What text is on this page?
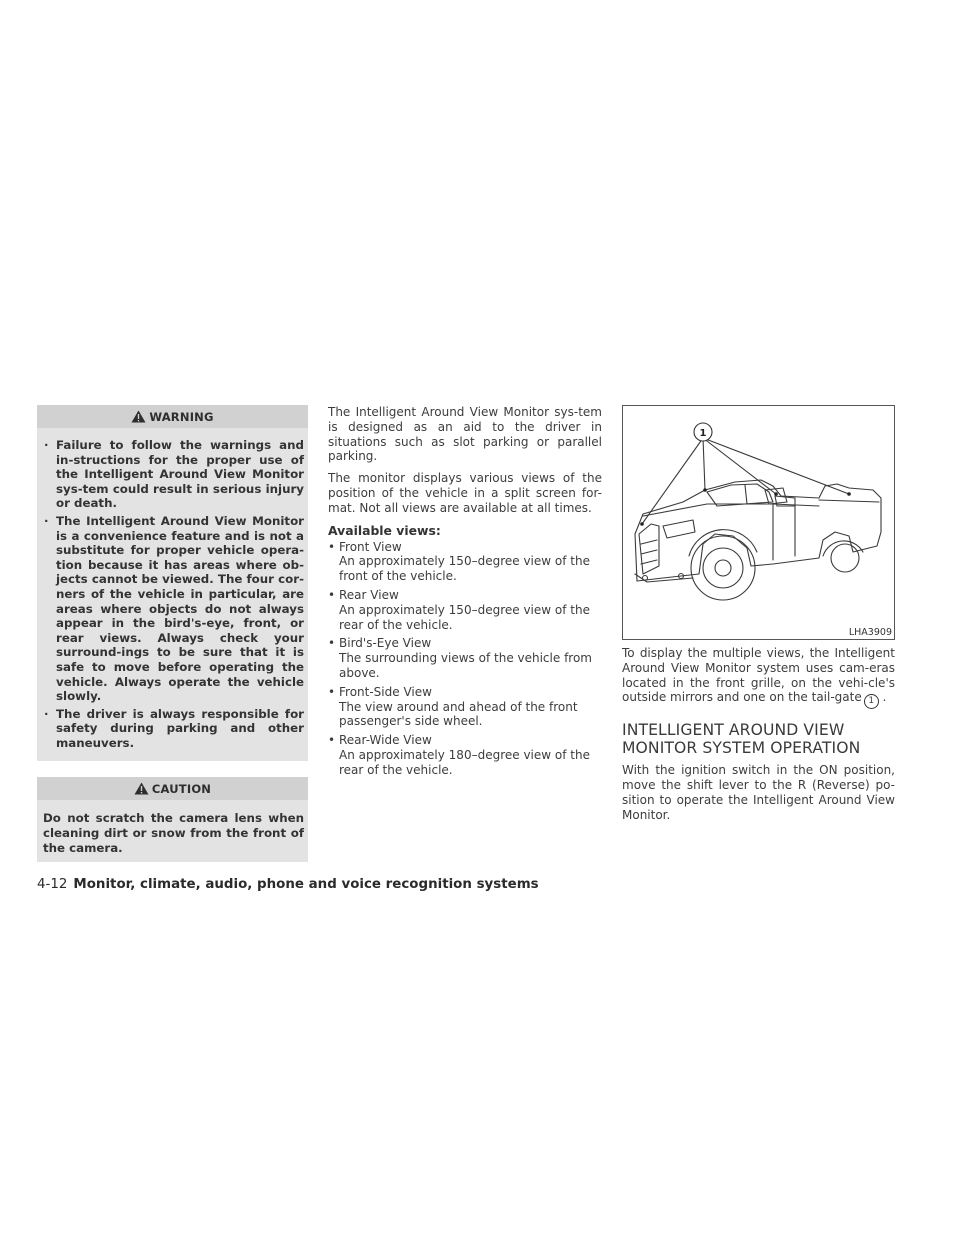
WARNING
· Failure to follow the warnings and in-structions for the proper use of the Intelligent Around View Monitor sys-tem could result in serious injury or death.
· The Intelligent Around View Monitor is a convenience feature and is not a substitute for proper vehicle opera-tion because it has areas where ob-jects cannot be viewed. The four cor-ners of the vehicle in particular, are areas where objects do not always appear in the bird's-eye, front, or rear views. Always check your surround-ings to be sure that it is safe to move before operating the vehicle. Always operate the vehicle slowly.
· The driver is always responsible for safety during parking and other maneuvers.
CAUTION
Do not scratch the camera lens when cleaning dirt or snow from the front of the camera.

The Intelligent Around View Monitor sys-tem is designed as an aid to the driver in situations such as slot parking or parallel parking.

The monitor displays various views of the position of the vehicle in a split screen for-mat. Not all views are available at all times.

Available views:

• Front View
An approximately 150–degree view of the front of the vehicle.
• Rear View
An approximately 150–degree view of the rear of the vehicle.
• Bird's-Eye View
The surrounding views of the vehicle from above.
• Front-Side View
The view around and ahead of the front passenger's side wheel.
• Rear-Wide View
An approximately 180–degree view of the rear of the vehicle.
1
LHA3909

To display the multiple views, the Intelligent Around View Monitor system uses cam-eras located in the front grille, on the vehi-cle's outside mirrors and one on the tail-gate 1 .

INTELLIGENT AROUND VIEW
MONITOR SYSTEM OPERATION

With the ignition switch in the ON position, move the shift lever to the R (Reverse) po-sition to operate the Intelligent Around View Monitor.

4-12 Monitor, climate, audio, phone and voice recognition systems
